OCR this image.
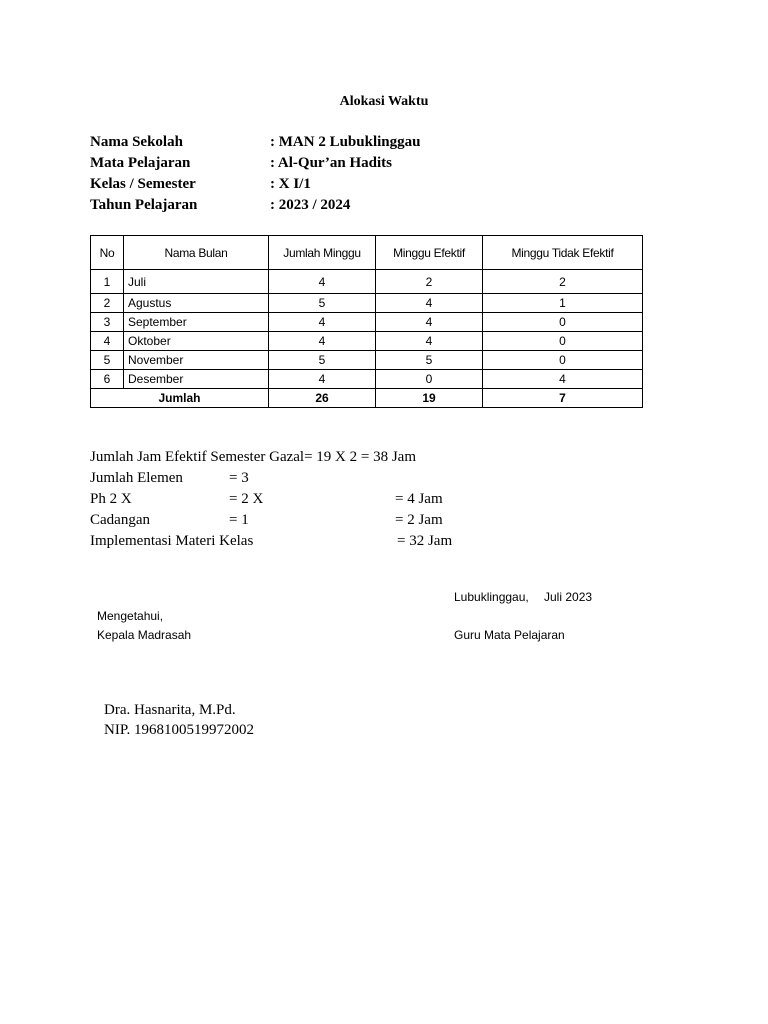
Alokasi Waktu
Nama Sekolah	: MAN 2 Lubuklinggau
Mata Pelajaran	: Al-Qur’an Hadits
Kelas / Semester	: X I/1
Tahun Pelajaran	: 2023 / 2024
No	Nama Bulan	Jumlah Minggu	Minggu Efektif	Minggu Tidak Efektif
1	Juli	4	2	2
2	Agustus	5	4	1
3	September	4	4	0
4	Oktober	4	4	0
5	November	5	5	0
6	Desember	4	0	4
Jumlah		26	19	7
Jumlah Jam Efektif Semester Gazal= 19 X 2 = 38 Jam
Jumlah Elemen	= 3
Ph 2 X	= 2 X	= 4 Jam
Cadangan	= 1	= 2 Jam
Implementasi Materi Kelas	= 32 Jam
Lubuklinggau, Juli 2023
Mengetahui,
Kepala Madrasah	Guru Mata Pelajaran
Dra. Hasnarita, M.Pd.
NIP. 196810051997200​2
